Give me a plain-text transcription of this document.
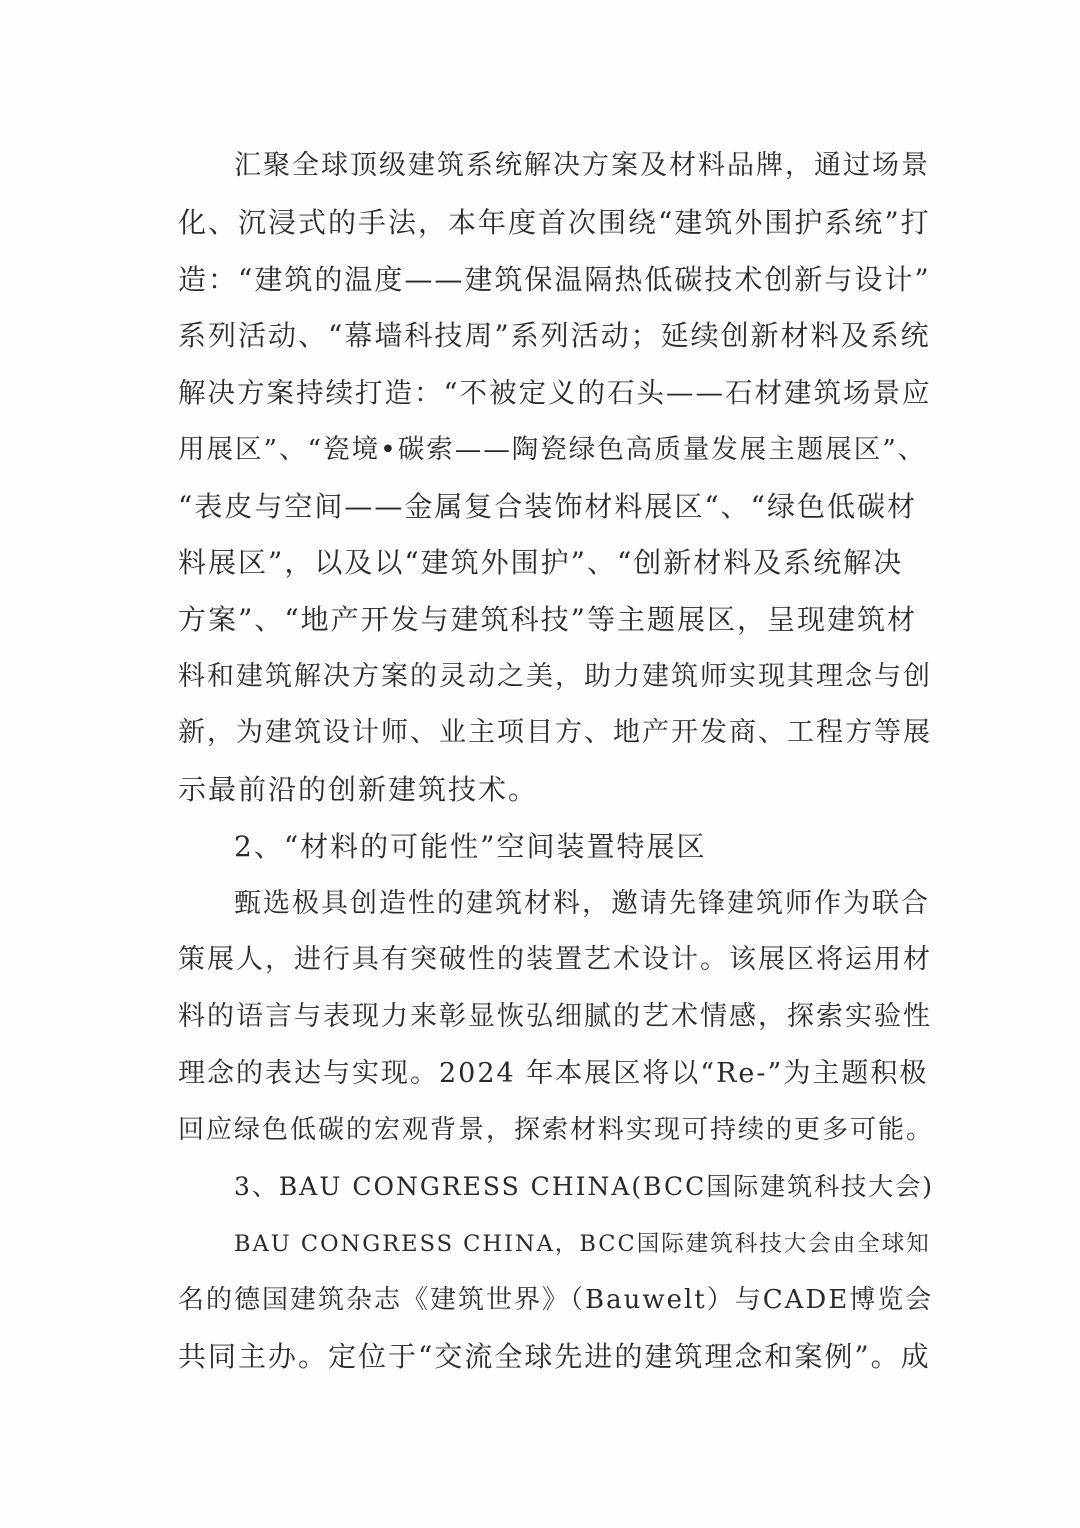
汇聚全球顶级建筑系统解决方案及材料品牌，通过场景
化、沉浸式的手法，本年度首次围绕“建筑外围护系统”打
造：“建筑的温度——建筑保温隔热低碳技术创新与设计”
系列活动、“幕墙科技周”系列活动；延续创新材料及系统
解决方案持续打造：“不被定义的石头——石材建筑场景应
用展区”、“瓷境•碳索——陶瓷绿色高质量发展主题展区”、
“表皮与空间——金属复合装饰材料展区“、“绿色低碳材
料展区”，以及以“建筑外围护”、“创新材料及系统解决
方案”、“地产开发与建筑科技”等主题展区，呈现建筑材
料和建筑解决方案的灵动之美，助力建筑师实现其理念与创
新，为建筑设计师、业主项目方、地产开发商、工程方等展
示最前沿的创新建筑技术。
2、“材料的可能性”空间装置特展区
甄选极具创造性的建筑材料，邀请先锋建筑师作为联合
策展人，进行具有突破性的装置艺术设计。该展区将运用材
料的语言与表现力来彰显恢弘细腻的艺术情感，探索实验性
理念的表达与实现。2024 年本展区将以“Re-”为主题积极
回应绿色低碳的宏观背景，探索材料实现可持续的更多可能。
3、BAU CONGRESS CHINA(BCC国际建筑科技大会)
BAU CONGRESS CHINA，BCC国际建筑科技大会由全球知
名的德国建筑杂志《建筑世界》（Bauwelt）与CADE博览会
共同主办。定位于“交流全球先进的建筑理念和案例”。成
